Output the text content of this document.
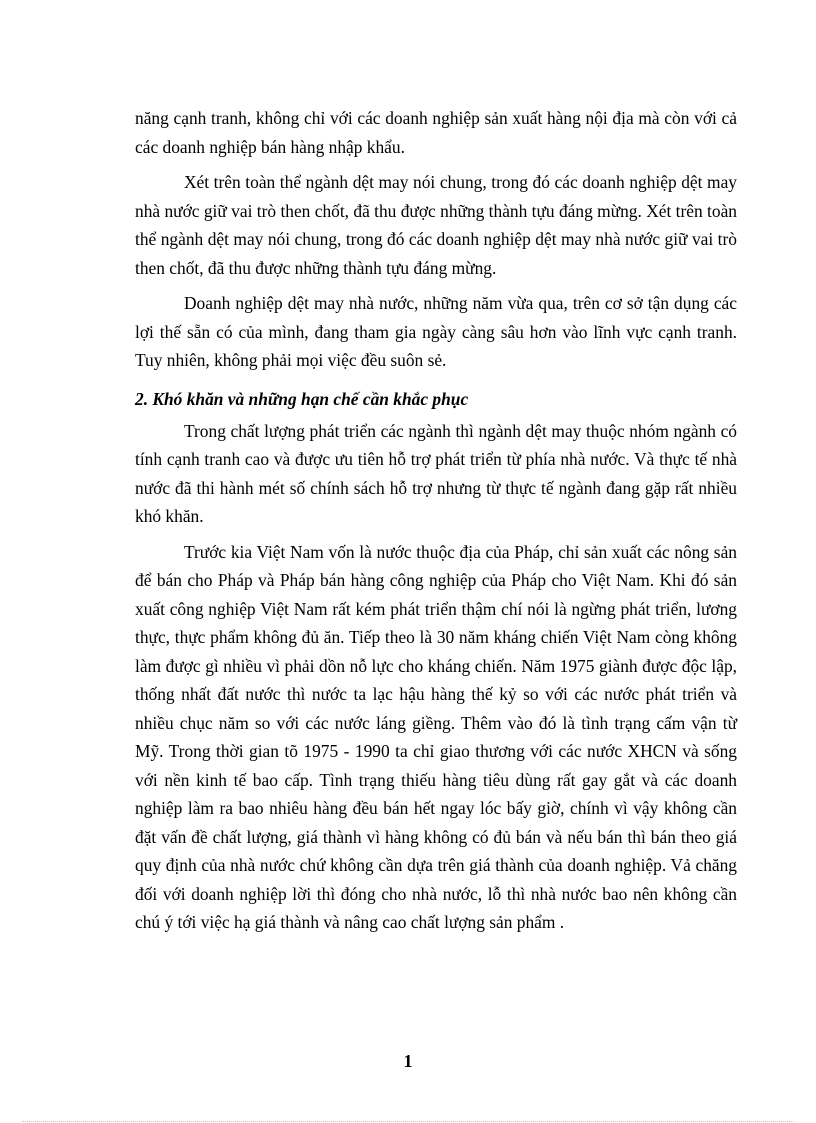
năng cạnh tranh, không chỉ với các doanh nghiệp sản xuất hàng nội địa mà còn với cả các doanh nghiệp bán hàng nhập khẩu.

Xét trên toàn thể ngành dệt may nói chung, trong đó các doanh nghiệp dệt may nhà nước giữ vai trò then chốt, đã thu được những thành tựu đáng mừng. Xét trên toàn thể ngành dệt may nói chung, trong đó các doanh nghiệp dệt may nhà nước giữ vai trò then chốt, đã thu được những thành tựu đáng mừng.

Doanh nghiệp dệt may nhà nước, những năm vừa qua, trên cơ sở tận dụng các lợi thế sẵn có của mình, đang tham gia ngày càng sâu hơn vào lĩnh vực cạnh tranh. Tuy nhiên, không phải mọi việc đều suôn sẻ.

2. Khó khăn và những hạn chế cần khắc phục

Trong chất lượng phát triển các ngành thì ngành dệt may thuộc nhóm ngành có tính cạnh tranh cao và được ưu tiên hỗ trợ phát triển từ phía nhà nước. Và thực tế nhà nước đã thi hành mét số chính sách hỗ trợ nhưng từ thực tế ngành đang gặp rất nhiều khó khăn.

Trước kia Việt Nam vốn là nước thuộc địa của Pháp, chỉ sản xuất các nông sản để bán cho Pháp và Pháp bán hàng công nghiệp của Pháp cho Việt Nam. Khi đó sản xuất công nghiệp Việt Nam rất kém phát triển thậm chí nói là ngừng phát triển, lương thực, thực phẩm không đủ ăn. Tiếp theo là 30 năm kháng chiến Việt Nam còng không làm được gì nhiều vì phải dồn nỗ lực cho kháng chiến. Năm 1975 giành được độc lập, thống nhất đất nước thì nước ta lạc hậu hàng thế kỷ so với các nước phát triển và nhiều chục năm so với các nước láng giềng. Thêm vào đó là tình trạng cấm vận từ Mỹ. Trong thời gian tõ 1975 - 1990 ta chỉ giao thương với các nước XHCN và sống với nền kinh tế bao cấp. Tình trạng thiếu hàng tiêu dùng rất gay gắt và các doanh nghiệp làm ra bao nhiêu hàng đều bán hết ngay lóc bấy giờ, chính vì vậy không cần đặt vấn đề chất lượng, giá thành vì hàng không có đủ bán và nếu bán thì bán theo giá quy định của nhà nước chứ không cần dựa trên giá thành của doanh nghiệp. Vả chăng đối với doanh nghiệp lời thì đóng cho nhà nước, lỗ thì nhà nước bao nên không cần chú ý tới việc hạ giá thành và nâng cao chất lượng sản phẩm .

1
